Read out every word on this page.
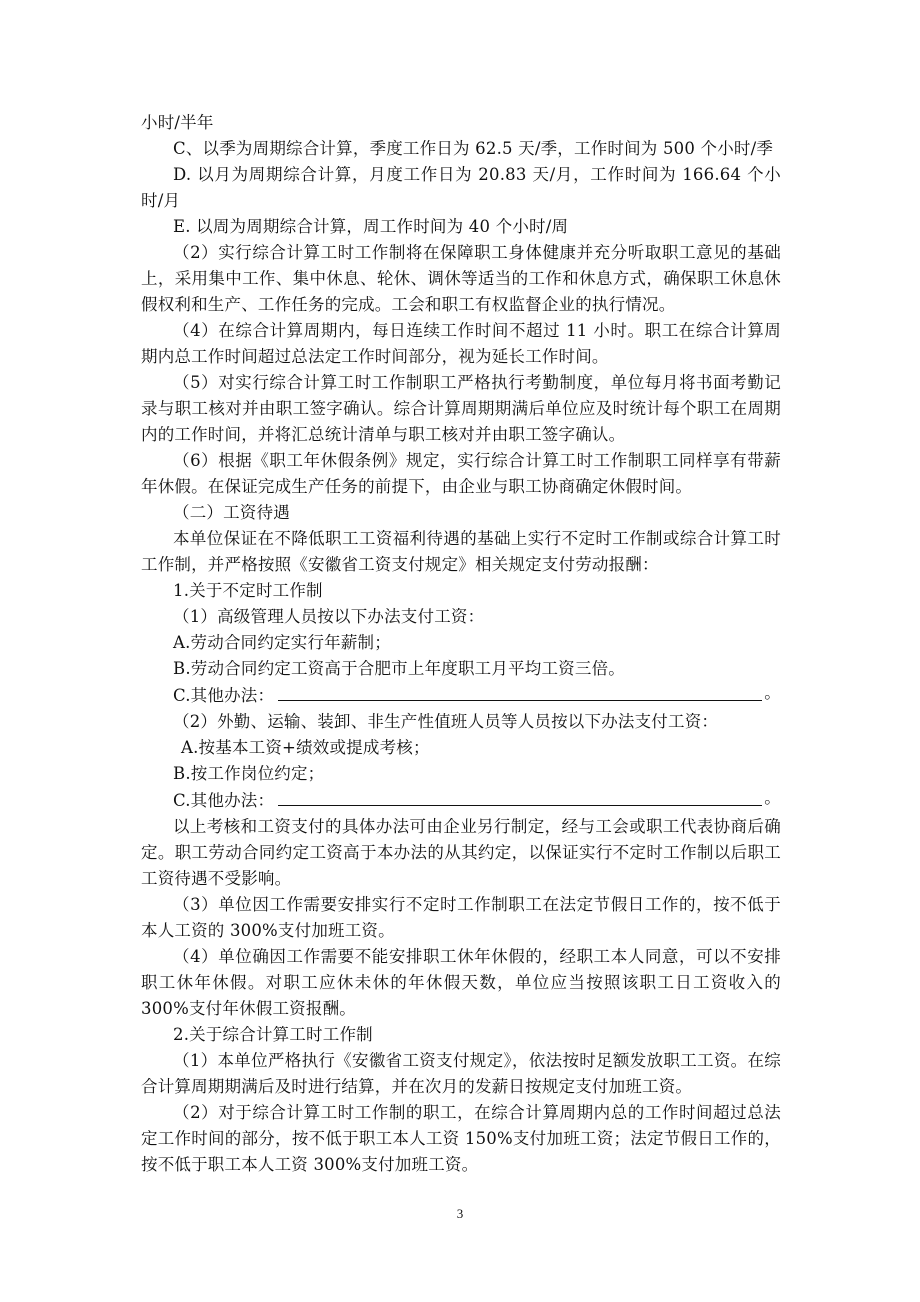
小时/半年

C、以季为周期综合计算，季度工作日为 62.5 天/季，工作时间为 500 个小时/季

D. 以月为周期综合计算，月度工作日为 20.83 天/月，工作时间为 166.64 个小时/月

E. 以周为周期综合计算，周工作时间为 40 个小时/周

（2）实行综合计算工时工作制将在保障职工身体健康并充分听取职工意见的基础上，采用集中工作、集中休息、轮休、调休等适当的工作和休息方式，确保职工休息休假权利和生产、工作任务的完成。工会和职工有权监督企业的执行情况。

（4）在综合计算周期内，每日连续工作时间不超过 11 小时。职工在综合计算周期内总工作时间超过总法定工作时间部分，视为延长工作时间。

（5）对实行综合计算工时工作制职工严格执行考勤制度，单位每月将书面考勤记录与职工核对并由职工签字确认。综合计算周期期满后单位应及时统计每个职工在周期内的工作时间，并将汇总统计清单与职工核对并由职工签字确认。

（6）根据《职工年休假条例》规定，实行综合计算工时工作制职工同样享有带薪年休假。在保证完成生产任务的前提下，由企业与职工协商确定休假时间。

（二）工资待遇

本单位保证在不降低职工工资福利待遇的基础上实行不定时工作制或综合计算工时工作制，并严格按照《安徽省工资支付规定》相关规定支付劳动报酬：

1.关于不定时工作制

（1）高级管理人员按以下办法支付工资：

A.劳动合同约定实行年薪制；

B.劳动合同约定工资高于合肥市上年度职工月平均工资三倍。

C.其他办法：	。

（2）外勤、运输、装卸、非生产性值班人员等人员按以下办法支付工资：

A.按基本工资+绩效或提成考核；

B.按工作岗位约定；

C.其他办法：	。

以上考核和工资支付的具体办法可由企业另行制定，经与工会或职工代表协商后确定。职工劳动合同约定工资高于本办法的从其约定，以保证实行不定时工作制以后职工工资待遇不受影响。

（3）单位因工作需要安排实行不定时工作制职工在法定节假日工作的，按不低于本人工资的 300%支付加班工资。

（4）单位确因工作需要不能安排职工休年休假的，经职工本人同意，可以不安排职工休年休假。对职工应休未休的年休假天数，单位应当按照该职工日工资收入的 300%支付年休假工资报酬。

2.关于综合计算工时工作制

（1）本单位严格执行《安徽省工资支付规定》，依法按时足额发放职工工资。在综合计算周期期满后及时进行结算，并在次月的发薪日按规定支付加班工资。

（2）对于综合计算工时工作制的职工，在综合计算周期内总的工作时间超过总法定工作时间的部分，按不低于职工本人工资 150%支付加班工资；法定节假日工作的，按不低于职工本人工资 300%支付加班工资。

3
